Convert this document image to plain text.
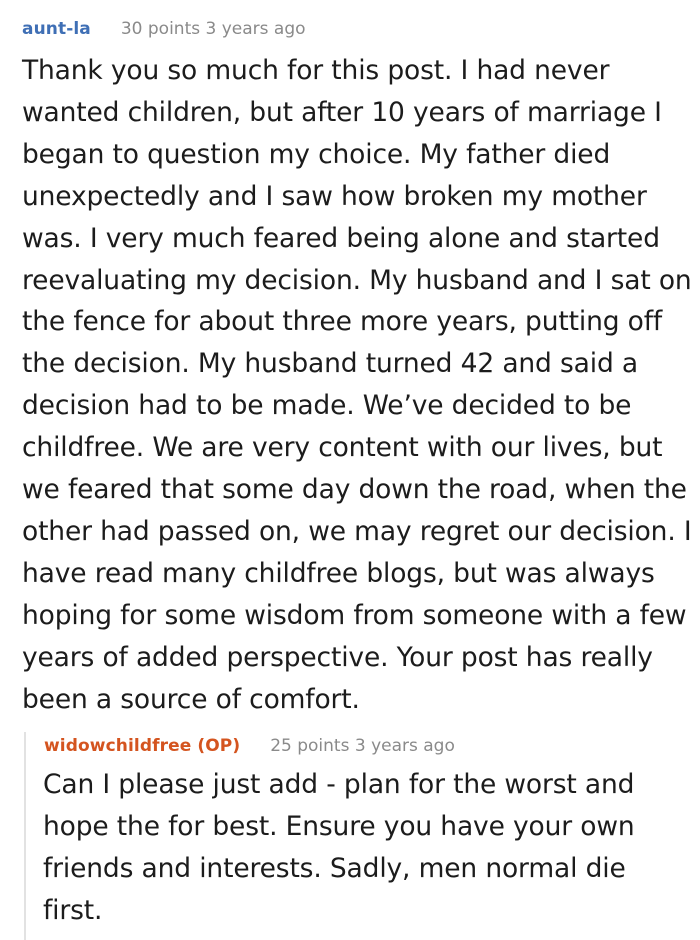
aunt-la 30 points 3 years ago

Thank you so much for this post. I had never wanted children, but after 10 years of marriage I began to question my choice. My father died unexpectedly and I saw how broken my mother was. I very much feared being alone and started reevaluating my decision. My husband and I sat on the fence for about three more years, putting off the decision. My husband turned 42 and said a decision had to be made. We’ve decided to be childfree. We are very content with our lives, but we feared that some day down the road, when the other had passed on, we may regret our decision. I have read many childfree blogs, but was always hoping for some wisdom from someone with a few years of added perspective. Your post has really been a source of comfort.

widowchildfree (OP) 25 points 3 years ago

Can I please just add - plan for the worst and hope the for best. Ensure you have your own friends and interests. Sadly, men normal die first.
